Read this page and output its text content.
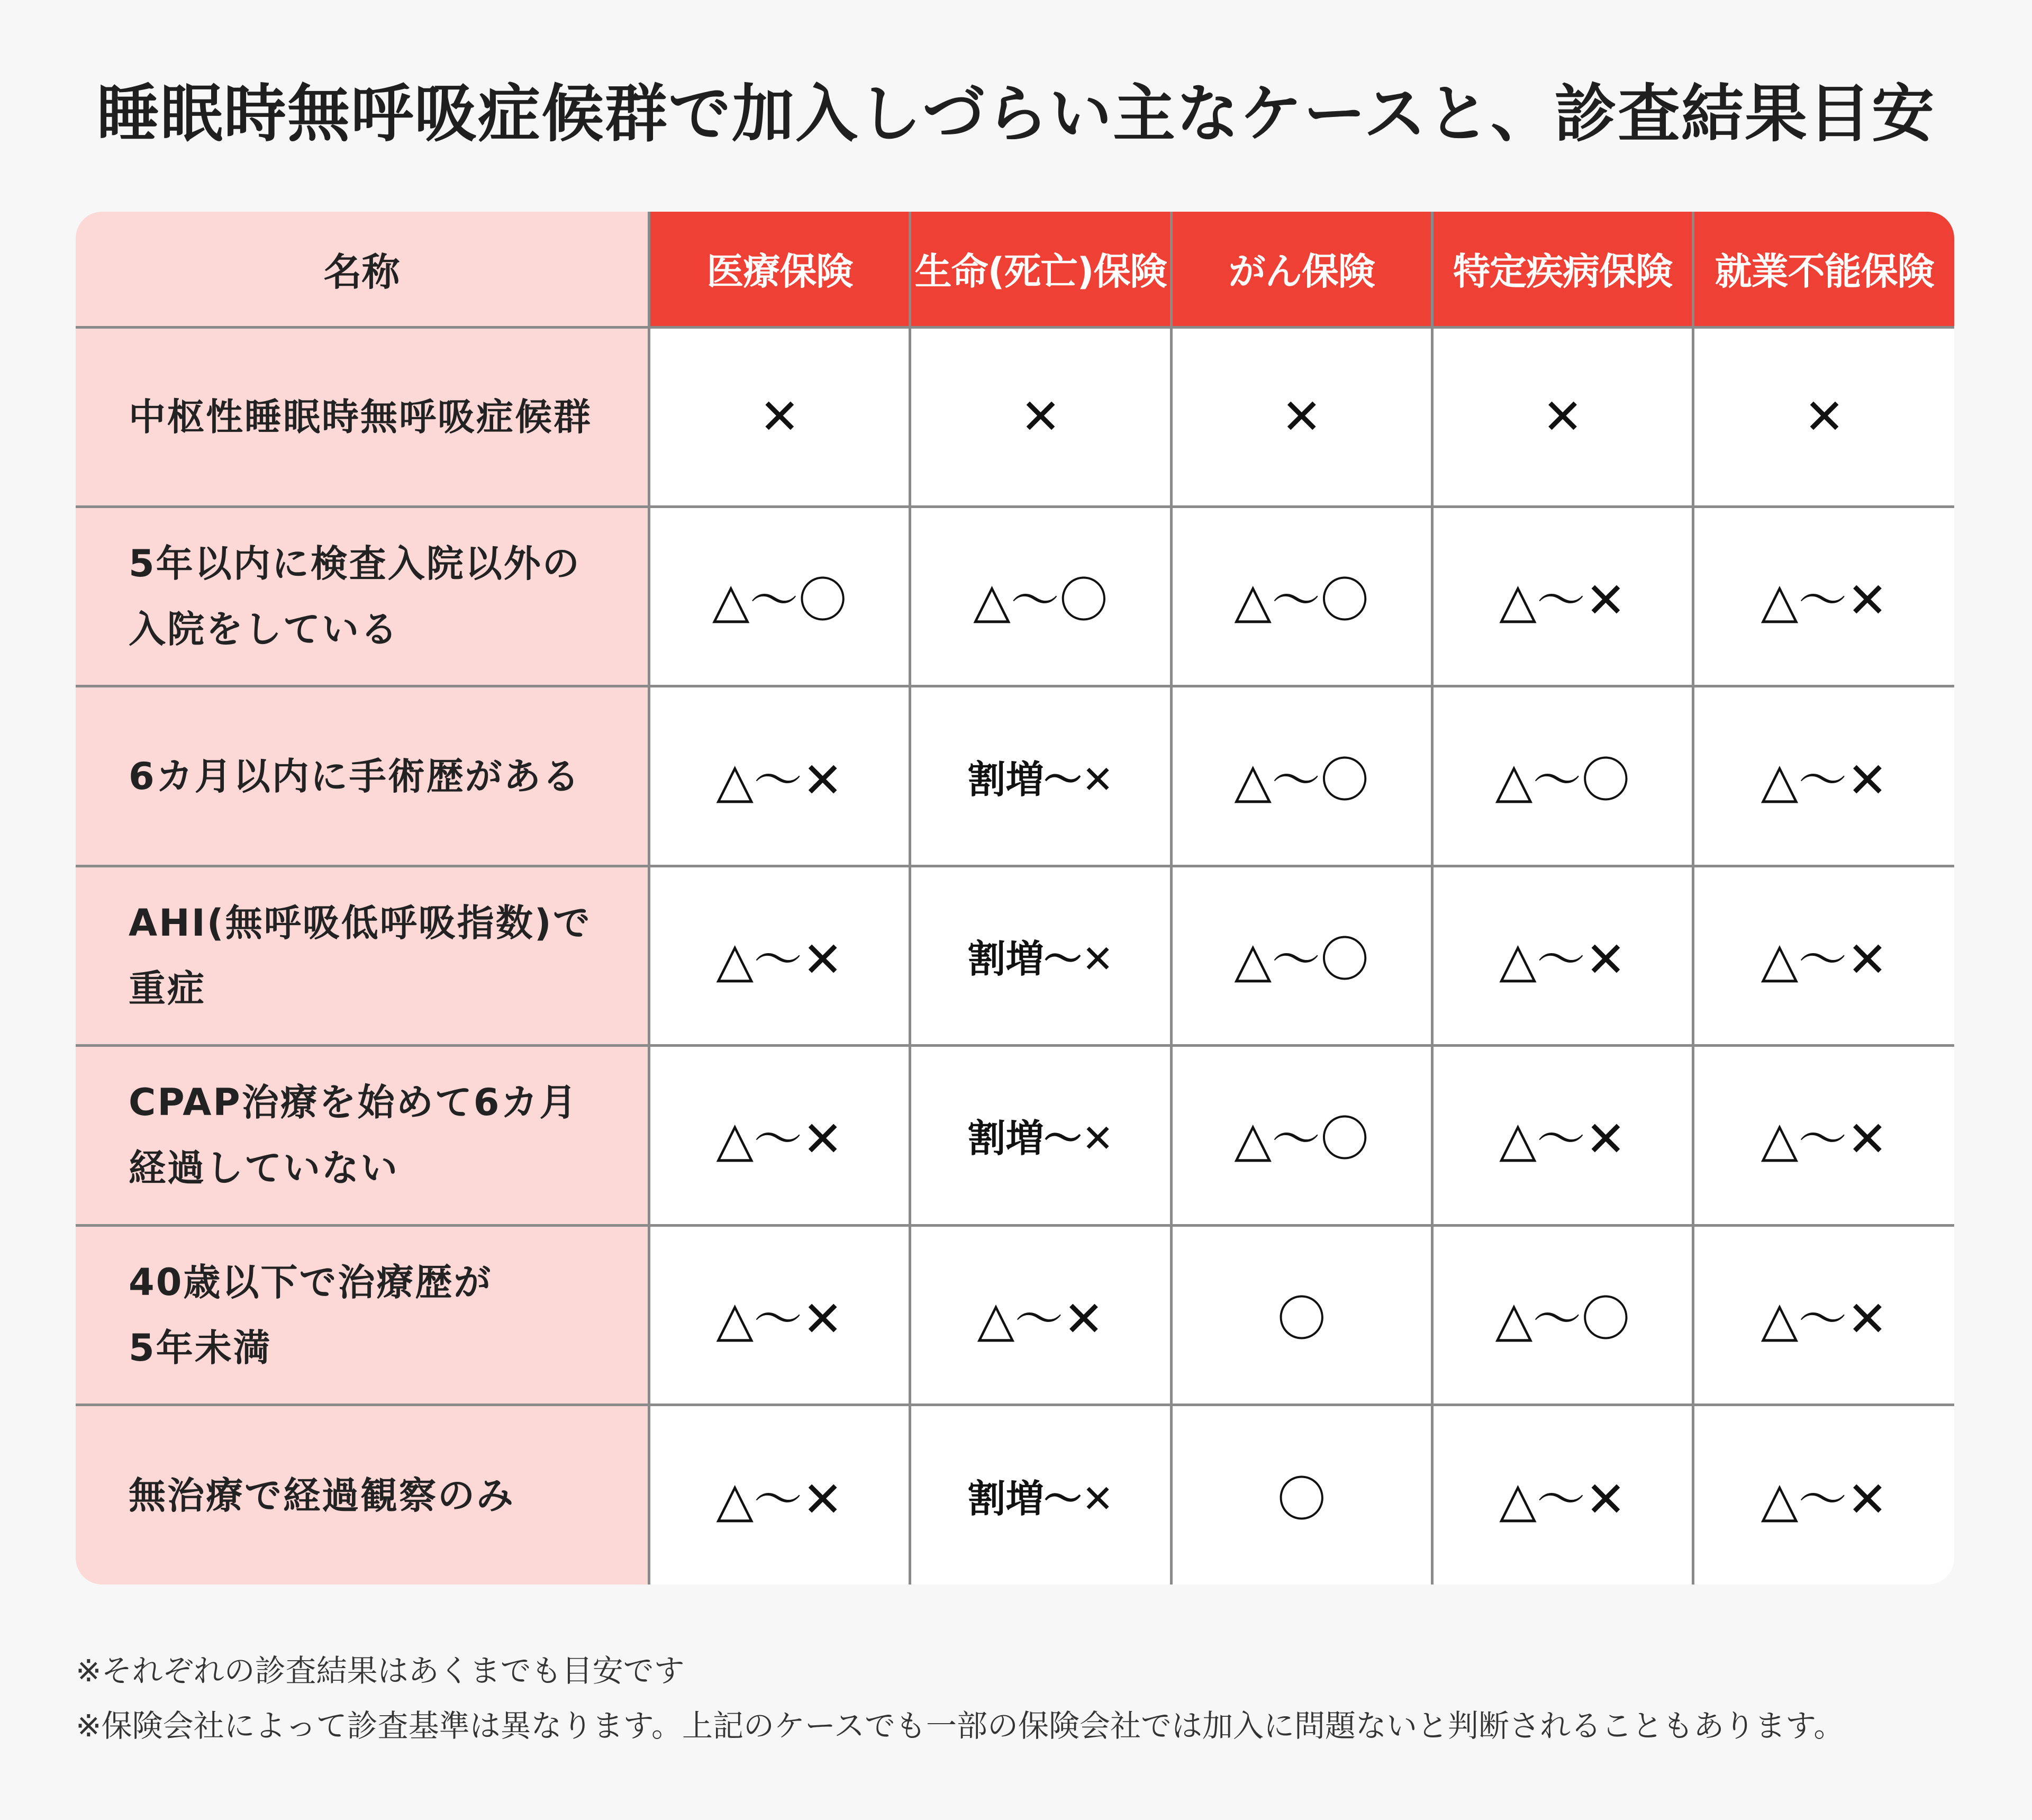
睡眠時無呼吸症候群で加入しづらい主なケースと、診査結果目安
名称	医療保険	生命(死亡)保険	がん保険	特定疾病保険	就業不能保険

中枢性睡眠時無呼吸症候群	✕	✕	✕	✕	✕

5年以内に検査入院以外の
入院をしている	△〜〇	△〜〇	△〜〇	△〜✕	△〜✕

6カ月以内に手術歴がある	△〜✕	割増〜✕	△〜〇	△〜〇	△〜✕

AHI(無呼吸低呼吸指数)で
重症	△〜✕	割増〜✕	△〜〇	△〜✕	△〜✕

CPAP治療を始めて6カ月
経過していない	△〜✕	割増〜✕	△〜〇	△〜✕	△〜✕

40歳以下で治療歴が
5年未満	△〜✕	△〜✕	〇	△〜〇	△〜✕

無治療で経過観察のみ	△〜✕	割増〜✕	〇	△〜✕	△〜✕
※それぞれの診査結果はあくまでも目安です
※保険会社によって診査基準は異なります。上記のケースでも一部の保険会社では加入に問題ないと判断されることもあります。
